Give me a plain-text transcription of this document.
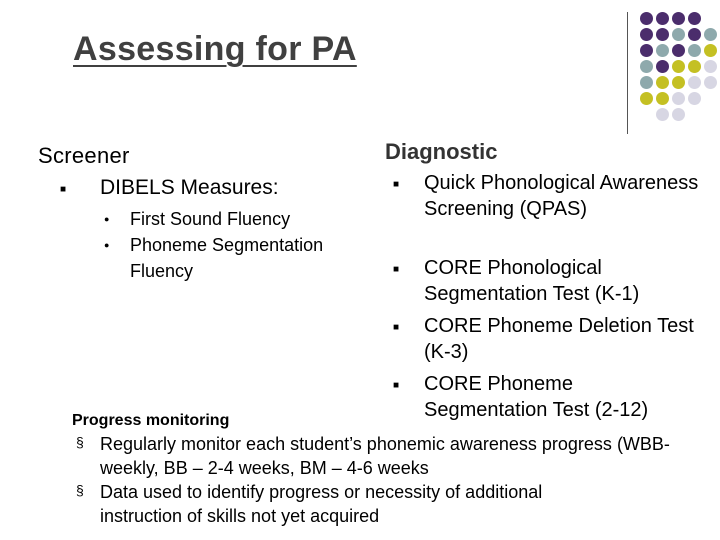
Assessing for PA
Screener
■ DIBELS Measures:
● First Sound Fluency
● Phoneme Segmentation Fluency
Diagnostic
■ Quick Phonological Awareness Screening (QPAS)
■ CORE Phonological Segmentation Test (K-1)
■ CORE Phoneme Deletion Test (K-3)
■ CORE Phoneme Segmentation Test (2-12)
Progress monitoring
§ Regularly monitor each student’s phonemic awareness progress (WBB-weekly, BB – 2-4 weeks, BM – 4-6 weeks
§ Data used to identify progress or necessity of additional instruction of skills not yet acquired
